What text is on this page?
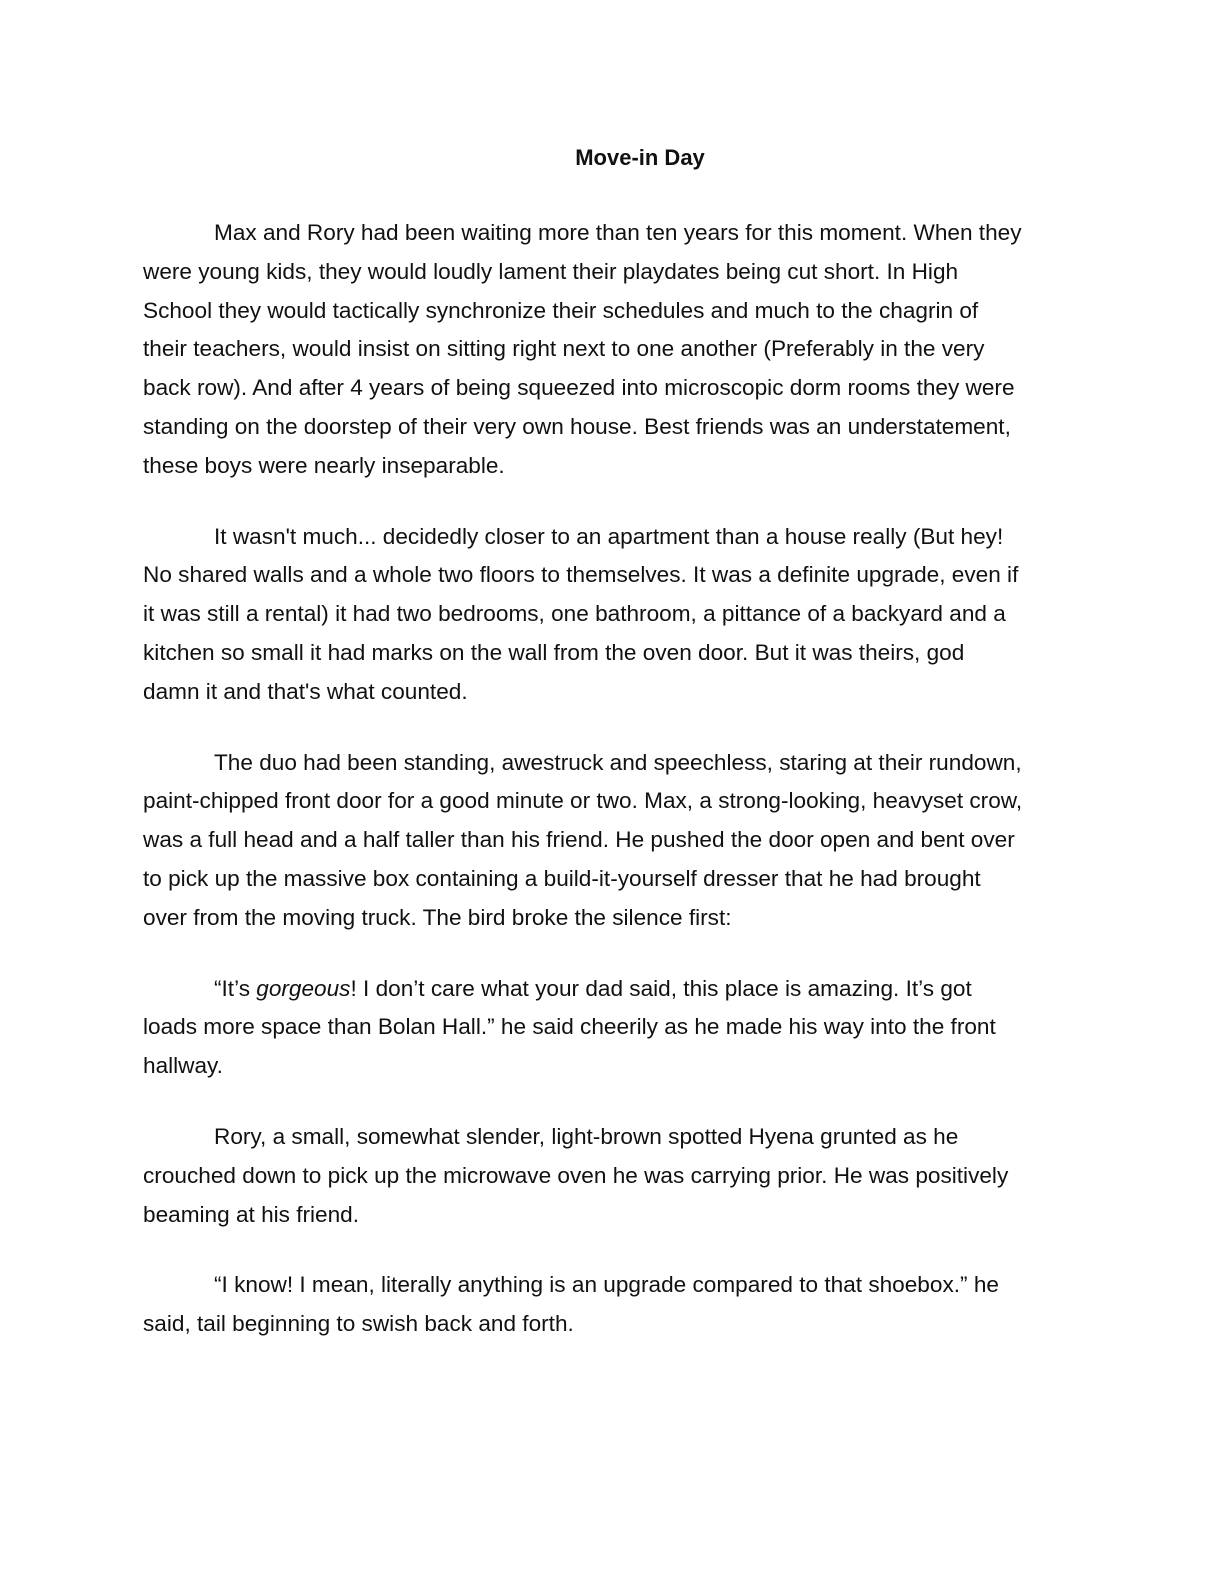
Move-in Day

Max and Rory had been waiting more than ten years for this moment. When they
were young kids, they would loudly lament their playdates being cut short. In High
School they would tactically synchronize their schedules and much to the chagrin of
their teachers, would insist on sitting right next to one another (Preferably in the very
back row). And after 4 years of being squeezed into microscopic dorm rooms they were
standing on the doorstep of their very own house. Best friends was an understatement,
these boys were nearly inseparable.

It wasn't much... decidedly closer to an apartment than a house really (But hey!
No shared walls and a whole two floors to themselves. It was a definite upgrade, even if
it was still a rental) it had two bedrooms, one bathroom, a pittance of a backyard and a
kitchen so small it had marks on the wall from the oven door. But it was theirs, god
damn it and that's what counted.

The duo had been standing, awestruck and speechless, staring at their rundown,
paint-chipped front door for a good minute or two. Max, a strong-looking, heavyset crow,
was a full head and a half taller than his friend. He pushed the door open and bent over
to pick up the massive box containing a build-it-yourself dresser that he had brought
over from the moving truck. The bird broke the silence first:

“It’s gorgeous! I don’t care what your dad said, this place is amazing. It’s got
loads more space than Bolan Hall.” he said cheerily as he made his way into the front
hallway.

Rory, a small, somewhat slender, light-brown spotted Hyena grunted as he
crouched down to pick up the microwave oven he was carrying prior. He was positively
beaming at his friend.

“I know! I mean, literally anything is an upgrade compared to that shoebox.” he
said, tail beginning to swish back and forth.
